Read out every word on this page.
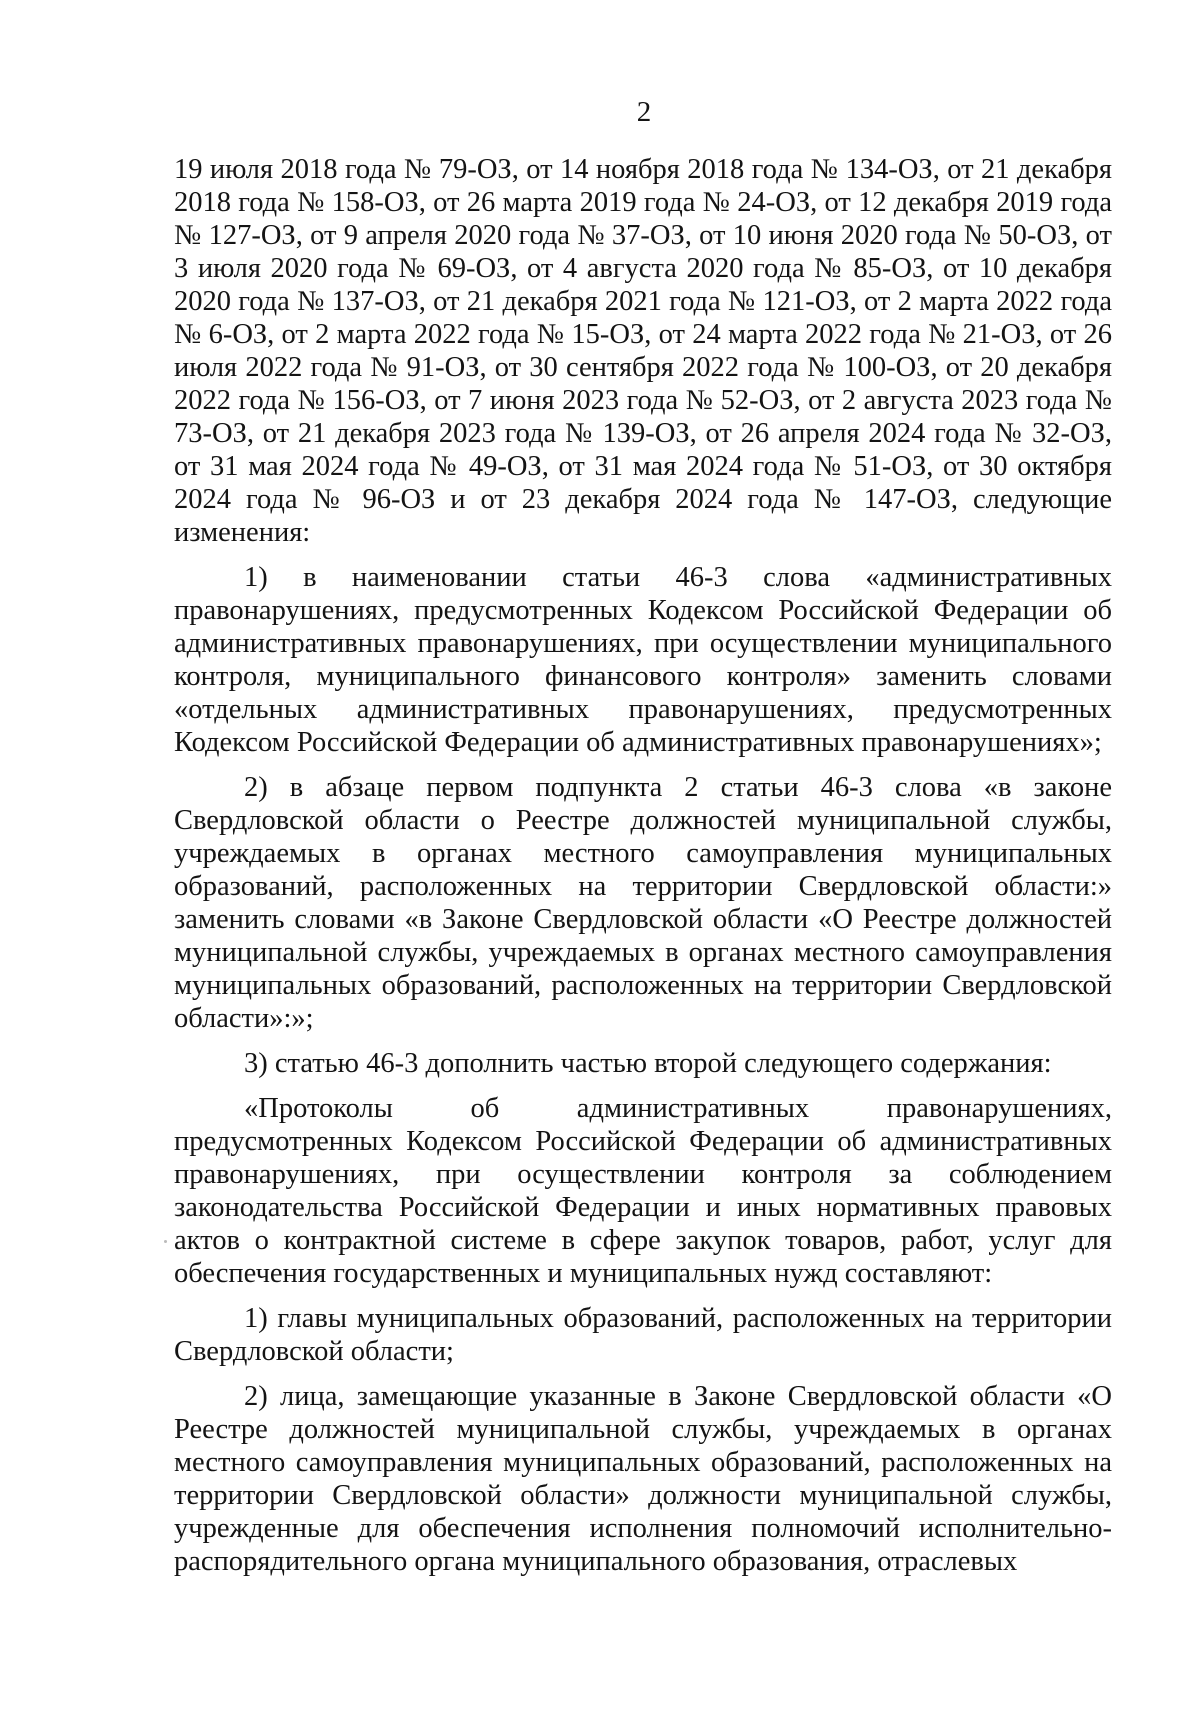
2

19 июля 2018 года № 79-ОЗ, от 14 ноября 2018 года № 134-ОЗ, от 21 декабря 2018 года № 158-ОЗ, от 26 марта 2019 года № 24-ОЗ, от 12 декабря 2019 года № 127-ОЗ, от 9 апреля 2020 года № 37-ОЗ, от 10 июня 2020 года № 50-ОЗ, от 3 июля 2020 года № 69-ОЗ, от 4 августа 2020 года № 85-ОЗ, от 10 декабря 2020 года № 137-ОЗ, от 21 декабря 2021 года № 121-ОЗ, от 2 марта 2022 года № 6-ОЗ, от 2 марта 2022 года № 15-ОЗ, от 24 марта 2022 года № 21-ОЗ, от 26 июля 2022 года № 91-ОЗ, от 30 сентября 2022 года № 100-ОЗ, от 20 декабря 2022 года № 156-ОЗ, от 7 июня 2023 года № 52-ОЗ, от 2 августа 2023 года № 73-ОЗ, от 21 декабря 2023 года № 139-ОЗ, от 26 апреля 2024 года № 32-ОЗ, от 31 мая 2024 года № 49-ОЗ, от 31 мая 2024 года № 51-ОЗ, от 30 октября 2024 года № 96-ОЗ и от 23 декабря 2024 года № 147-ОЗ, следующие изменения:

1) в наименовании статьи 46-3 слова «административных правонарушениях, предусмотренных Кодексом Российской Федерации об административных правонарушениях, при осуществлении муниципального контроля, муниципального финансового контроля» заменить словами «отдельных административных правонарушениях, предусмотренных Кодексом Российской Федерации об административных правонарушениях»;

2) в абзаце первом подпункта 2 статьи 46-3 слова «в законе Свердловской области о Реестре должностей муниципальной службы, учреждаемых в органах местного самоуправления муниципальных образований, расположенных на территории Свердловской области:» заменить словами «в Законе Свердловской области «О Реестре должностей муниципальной службы, учреждаемых в органах местного самоуправления муниципальных образований, расположенных на территории Свердловской области»:»;

3) статью 46-3 дополнить частью второй следующего содержания:

«Протоколы об административных правонарушениях, предусмотренных Кодексом Российской Федерации об административных правонарушениях, при осуществлении контроля за соблюдением законодательства Российской Федерации и иных нормативных правовых актов о контрактной системе в сфере закупок товаров, работ, услуг для обеспечения государственных и муниципальных нужд составляют:

1) главы муниципальных образований, расположенных на территории Свердловской области;

2) лица, замещающие указанные в Законе Свердловской области «О Реестре должностей муниципальной службы, учреждаемых в органах местного самоуправления муниципальных образований, расположенных на территории Свердловской области» должности муниципальной службы, учрежденные для обеспечения исполнения полномочий исполнительно-распорядительного органа муниципального образования, отраслевых
